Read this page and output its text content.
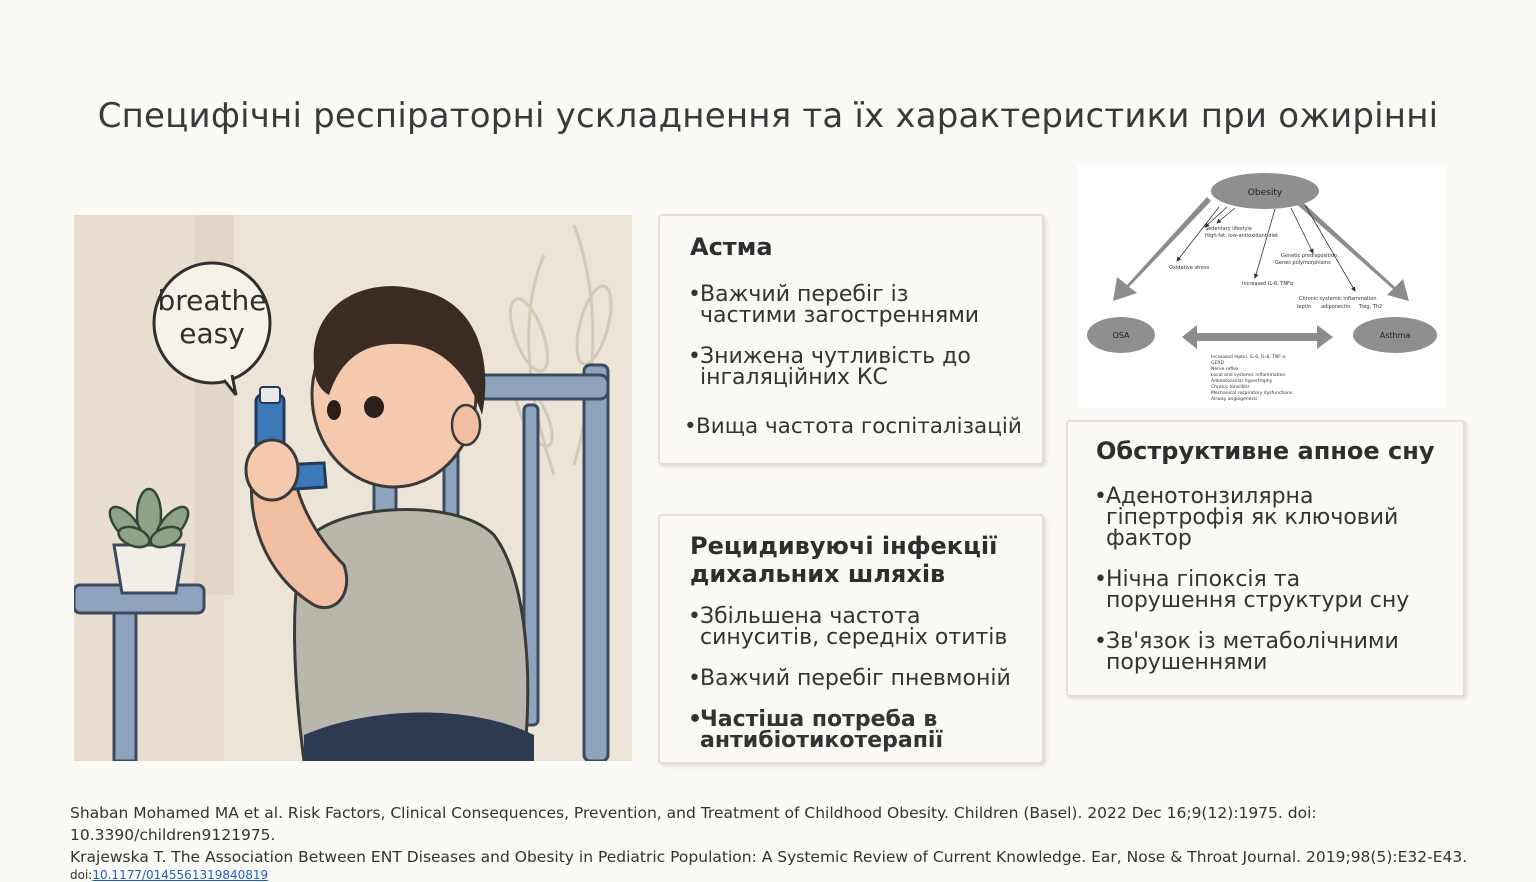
Специфічні респіраторні ускладнення та їх характеристики при ожирінні
breathe
easy
Астма
• Важчий перебіг із
частими загостреннями
• Знижена чутливість до
інгаляційних КС
• Вища частота госпіталізацій
Рецидивуючі інфекції
дихальних шляхів
• Збільшена частота
синуситів, середніх отитів
• Важчий перебіг пневмоній
• Частіша потреба в
антибіотикотерапії
Obesity
OSA	Asthma
Sedentary lifestyle
High-fat, low-antioxidant diet
Oxidative stress
Genetic predisposition
Genes polymorphisms
Increased IL-6, TNFα
Chronic systemic inflammation
leptin adiponectin Treg, Th2
Increased leptin, IL-6, IL-8, TNF-α
GERD
Nerve reflex
Local and systemic inflammation
Adenotonsillar hypertrophy
Chronic tonsillitis
Mechanical respiratory dysfunctions
Airway angiogenesis
Обструктивне апное сну
• Аденотонзилярна
гіпертрофія як ключовий
фактор
• Нічна гіпоксія та
порушення структури сну
• Зв'язок із метаболічними
порушеннями
Shaban Mohamed MA et al. Risk Factors, Clinical Consequences, Prevention, and Treatment of Childhood Obesity. Children (Basel). 2022 Dec 16;9(12):1975. doi: 10.3390/children9121975.
Krajewska T. The Association Between ENT Diseases and Obesity in Pediatric Population: A Systemic Review of Current Knowledge. Ear, Nose & Throat Journal. 2019;98(5):E32-E43.
doi:10.1177/0145561319840819
